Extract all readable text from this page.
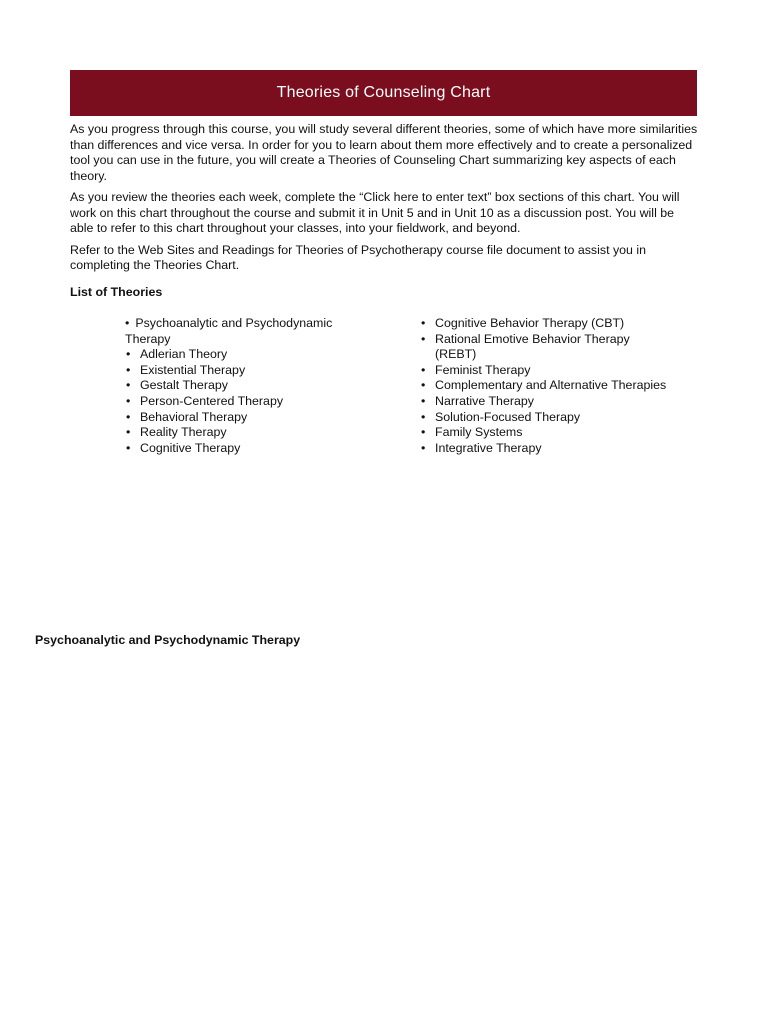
Theories of Counseling Chart

As you progress through this course, you will study several different theories, some of which have more similarities than differences and vice versa. In order for you to learn about them more effectively and to create a personalized tool you can use in the future, you will create a Theories of Counseling Chart summarizing key aspects of each theory.

As you review the theories each week, complete the “Click here to enter text” box sections of this chart. You will work on this chart throughout the course and submit it in Unit 5 and in Unit 10 as a discussion post. You will be able to refer to this chart throughout your classes, into your fieldwork, and beyond.

Refer to the Web Sites and Readings for Theories of Psychotherapy course file document to assist you in completing the Theories Chart.

List of Theories
• Psychoanalytic and Psychodynamic Therapy
• Adlerian Theory
• Existential Therapy
• Gestalt Therapy
• Person-Centered Therapy
• Behavioral Therapy
• Reality Therapy
• Cognitive Therapy
• Cognitive Behavior Therapy (CBT)
• Rational Emotive Behavior Therapy (REBT)
• Feminist Therapy
• Complementary and Alternative Therapies
• Narrative Therapy
• Solution-Focused Therapy
• Family Systems
• Integrative Therapy
Psychoanalytic and Psychodynamic Therapy
